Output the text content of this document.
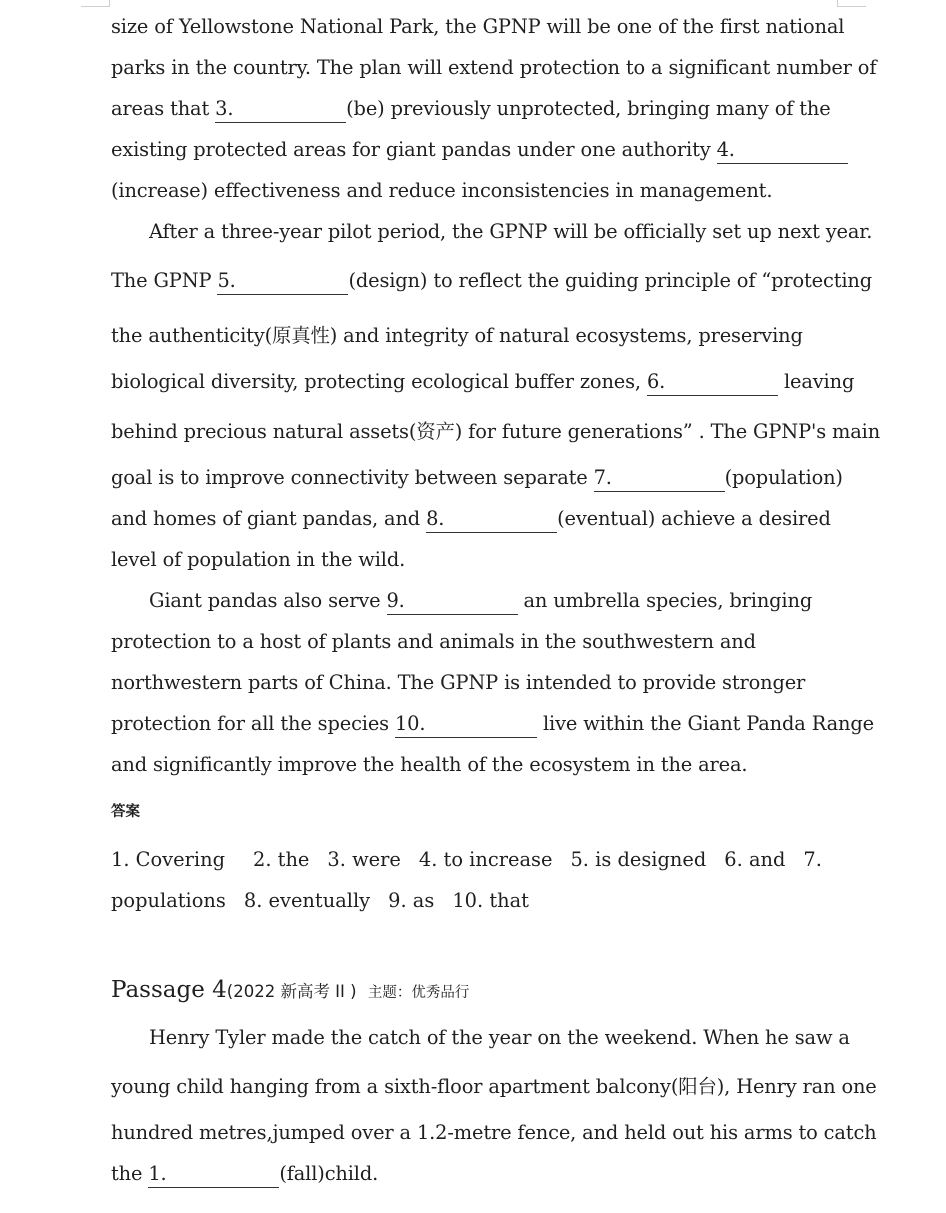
size of Yellowstone National Park, the GPNP will be one of the first national
parks in the country. The plan will extend protection to a significant number of
areas that 3.	(be) previously unprotected, bringing many of the
existing protected areas for giant pandas under one authority 4.
(increase) effectiveness and reduce inconsistencies in management.
After a three-year pilot period, the GPNP will be officially set up next year.
The GPNP 5.	(design) to reflect the guiding principle of “protecting
the authenticity(原真性) and integrity of natural ecosystems, preserving
biological diversity, protecting ecological buffer zones, 6.	leaving
behind precious natural assets(资产) for future generations” . The GPNP's main
goal is to improve connectivity between separate 7.	(population)
and homes of giant pandas, and 8.	(eventual) achieve a desired
level of population in the wild.
Giant pandas also serve 9.	an umbrella species, bringing
protection to a host of plants and animals in the southwestern and
northwestern parts of China. The GPNP is intended to provide stronger
protection for all the species 10.	live within the Giant Panda Range
and significantly improve the health of the ecosystem in the area.
答案
1. Covering 2. the 3. were 4. to increase 5. is designed 6. and 7.
populations 8. eventually 9. as 10. that
Passage 4(2022 新高考 II ) 主题：优秀品行
Henry Tyler made the catch of the year on the weekend. When he saw a
young child hanging from a sixth-floor apartment balcony(阳台), Henry ran one
hundred metres,jumped over a 1.2-metre fence, and held out his arms to catch
the 1.	(fall)child.
